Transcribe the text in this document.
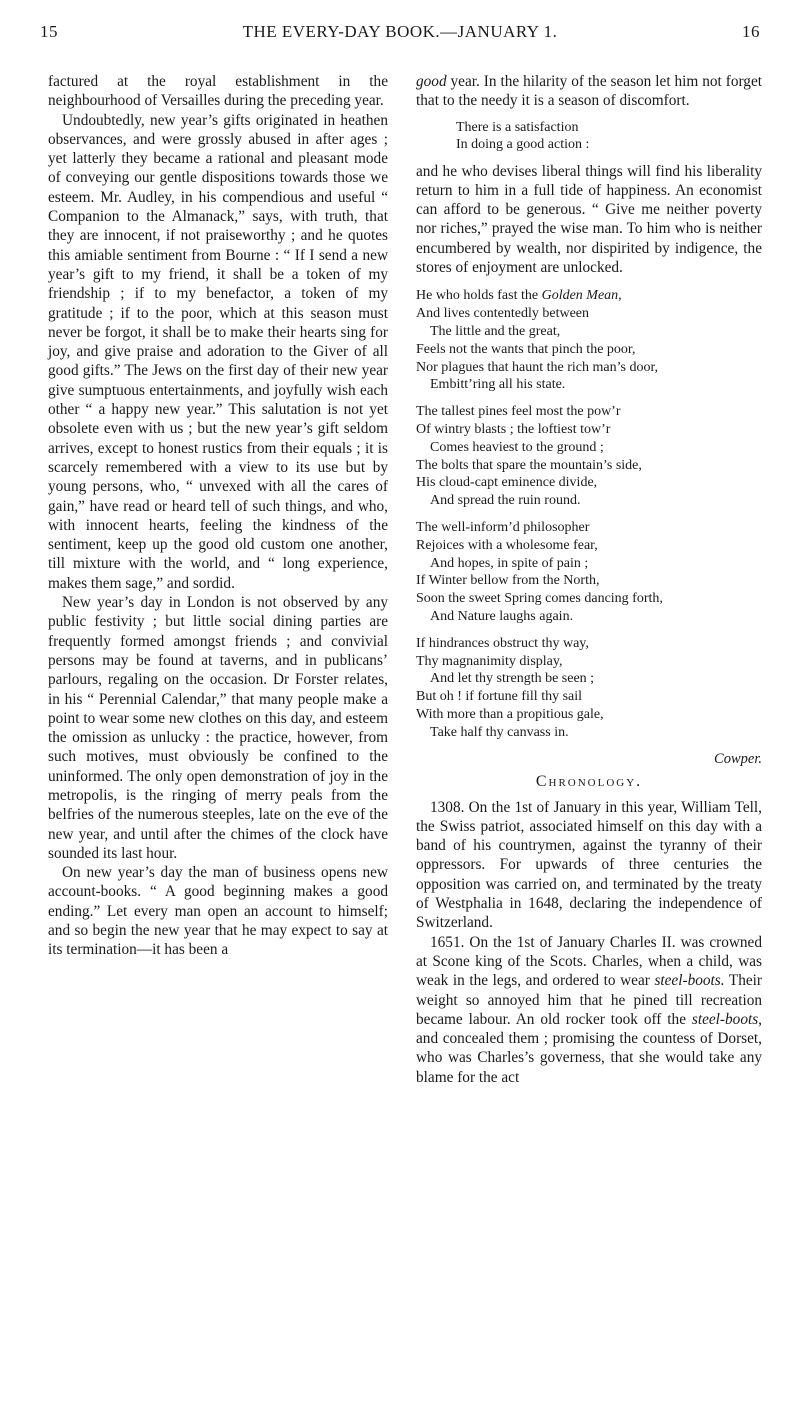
15	THE EVERY-DAY BOOK.—JANUARY 1.	16

factured at the royal establishment in the neighbourhood of Versailles during the preceding year.

Undoubtedly, new year’s gifts originated in heathen observances, and were grossly abused in after ages ; yet latterly they became a rational and pleasant mode of conveying our gentle dispositions towards those we esteem. Mr. Audley, in his compendious and useful “ Companion to the Almanack,” says, with truth, that they are innocent, if not praiseworthy ; and he quotes this amiable sentiment from Bourne : “ If I send a new year’s gift to my friend, it shall be a token of my friendship ; if to my benefactor, a token of my gratitude ; if to the poor, which at this season must never be forgot, it shall be to make their hearts sing for joy, and give praise and adoration to the Giver of all good gifts.” The Jews on the first day of their new year give sumptuous entertainments, and joyfully wish each other “ a happy new year.” This salutation is not yet obsolete even with us ; but the new year’s gift seldom arrives, except to honest rustics from their equals ; it is scarcely remembered with a view to its use but by young persons, who, “ unvexed with all the cares of gain,” have read or heard tell of such things, and who, with innocent hearts, feeling the kindness of the sentiment, keep up the good old custom one another, till mixture with the world, and “ long experience, makes them sage,” and sordid.

New year’s day in London is not observed by any public festivity ; but little social dining parties are frequently formed amongst friends ; and convivial persons may be found at taverns, and in publicans’ parlours, regaling on the occasion. Dr Forster relates, in his “ Perennial Calendar,” that many people make a point to wear some new clothes on this day, and esteem the omission as unlucky : the practice, however, from such motives, must obviously be confined to the uninformed. The only open demonstration of joy in the metropolis, is the ringing of merry peals from the belfries of the numerous steeples, late on the eve of the new year, and until after the chimes of the clock have sounded its last hour.

On new year’s day the man of business opens new account-books. “ A good beginning makes a good ending.” Let every man open an account to himself; and so begin the new year that he may expect to say at its termination—it has been a

good year. In the hilarity of the season let him not forget that to the needy it is a season of discomfort.

There is a satisfaction
In doing a good action :

and he who devises liberal things will find his liberality return to him in a full tide of happiness. An economist can afford to be generous. “ Give me neither poverty nor riches,” prayed the wise man. To him who is neither encumbered by wealth, nor dispirited by indigence, the stores of enjoyment are unlocked.

He who holds fast the Golden Mean,
And lives contentedly between
The little and the great,
Feels not the wants that pinch the poor,
Nor plagues that haunt the rich man’s door,
Embitt’ring all his state.
The tallest pines feel most the pow’r
Of wintry blasts ; the loftiest tow’r
Comes heaviest to the ground ;
The bolts that spare the mountain’s side,
His cloud-capt eminence divide,
And spread the ruin round.
The well-inform’d philosopher
Rejoices with a wholesome fear,
And hopes, in spite of pain ;
If Winter bellow from the North,
Soon the sweet Spring comes dancing forth,
And Nature laughs again.
If hindrances obstruct thy way,
Thy magnanimity display,
And let thy strength be seen ;
But oh ! if fortune fill thy sail
With more than a propitious gale,
Take half thy canvass in.
Cowper.
Chronology.

1308. On the 1st of January in this year, William Tell, the Swiss patriot, associated himself on this day with a band of his countrymen, against the tyranny of their oppressors. For upwards of three centuries the opposition was carried on, and terminated by the treaty of Westphalia in 1648, declaring the independence of Switzerland.

1651. On the 1st of January Charles II. was crowned at Scone king of the Scots. Charles, when a child, was weak in the legs, and ordered to wear steel-boots. Their weight so annoyed him that he pined till recreation became labour. An old rocker took off the steel-boots, and concealed them ; promising the countess of Dorset, who was Charles’s governess, that she would take any blame for the act
